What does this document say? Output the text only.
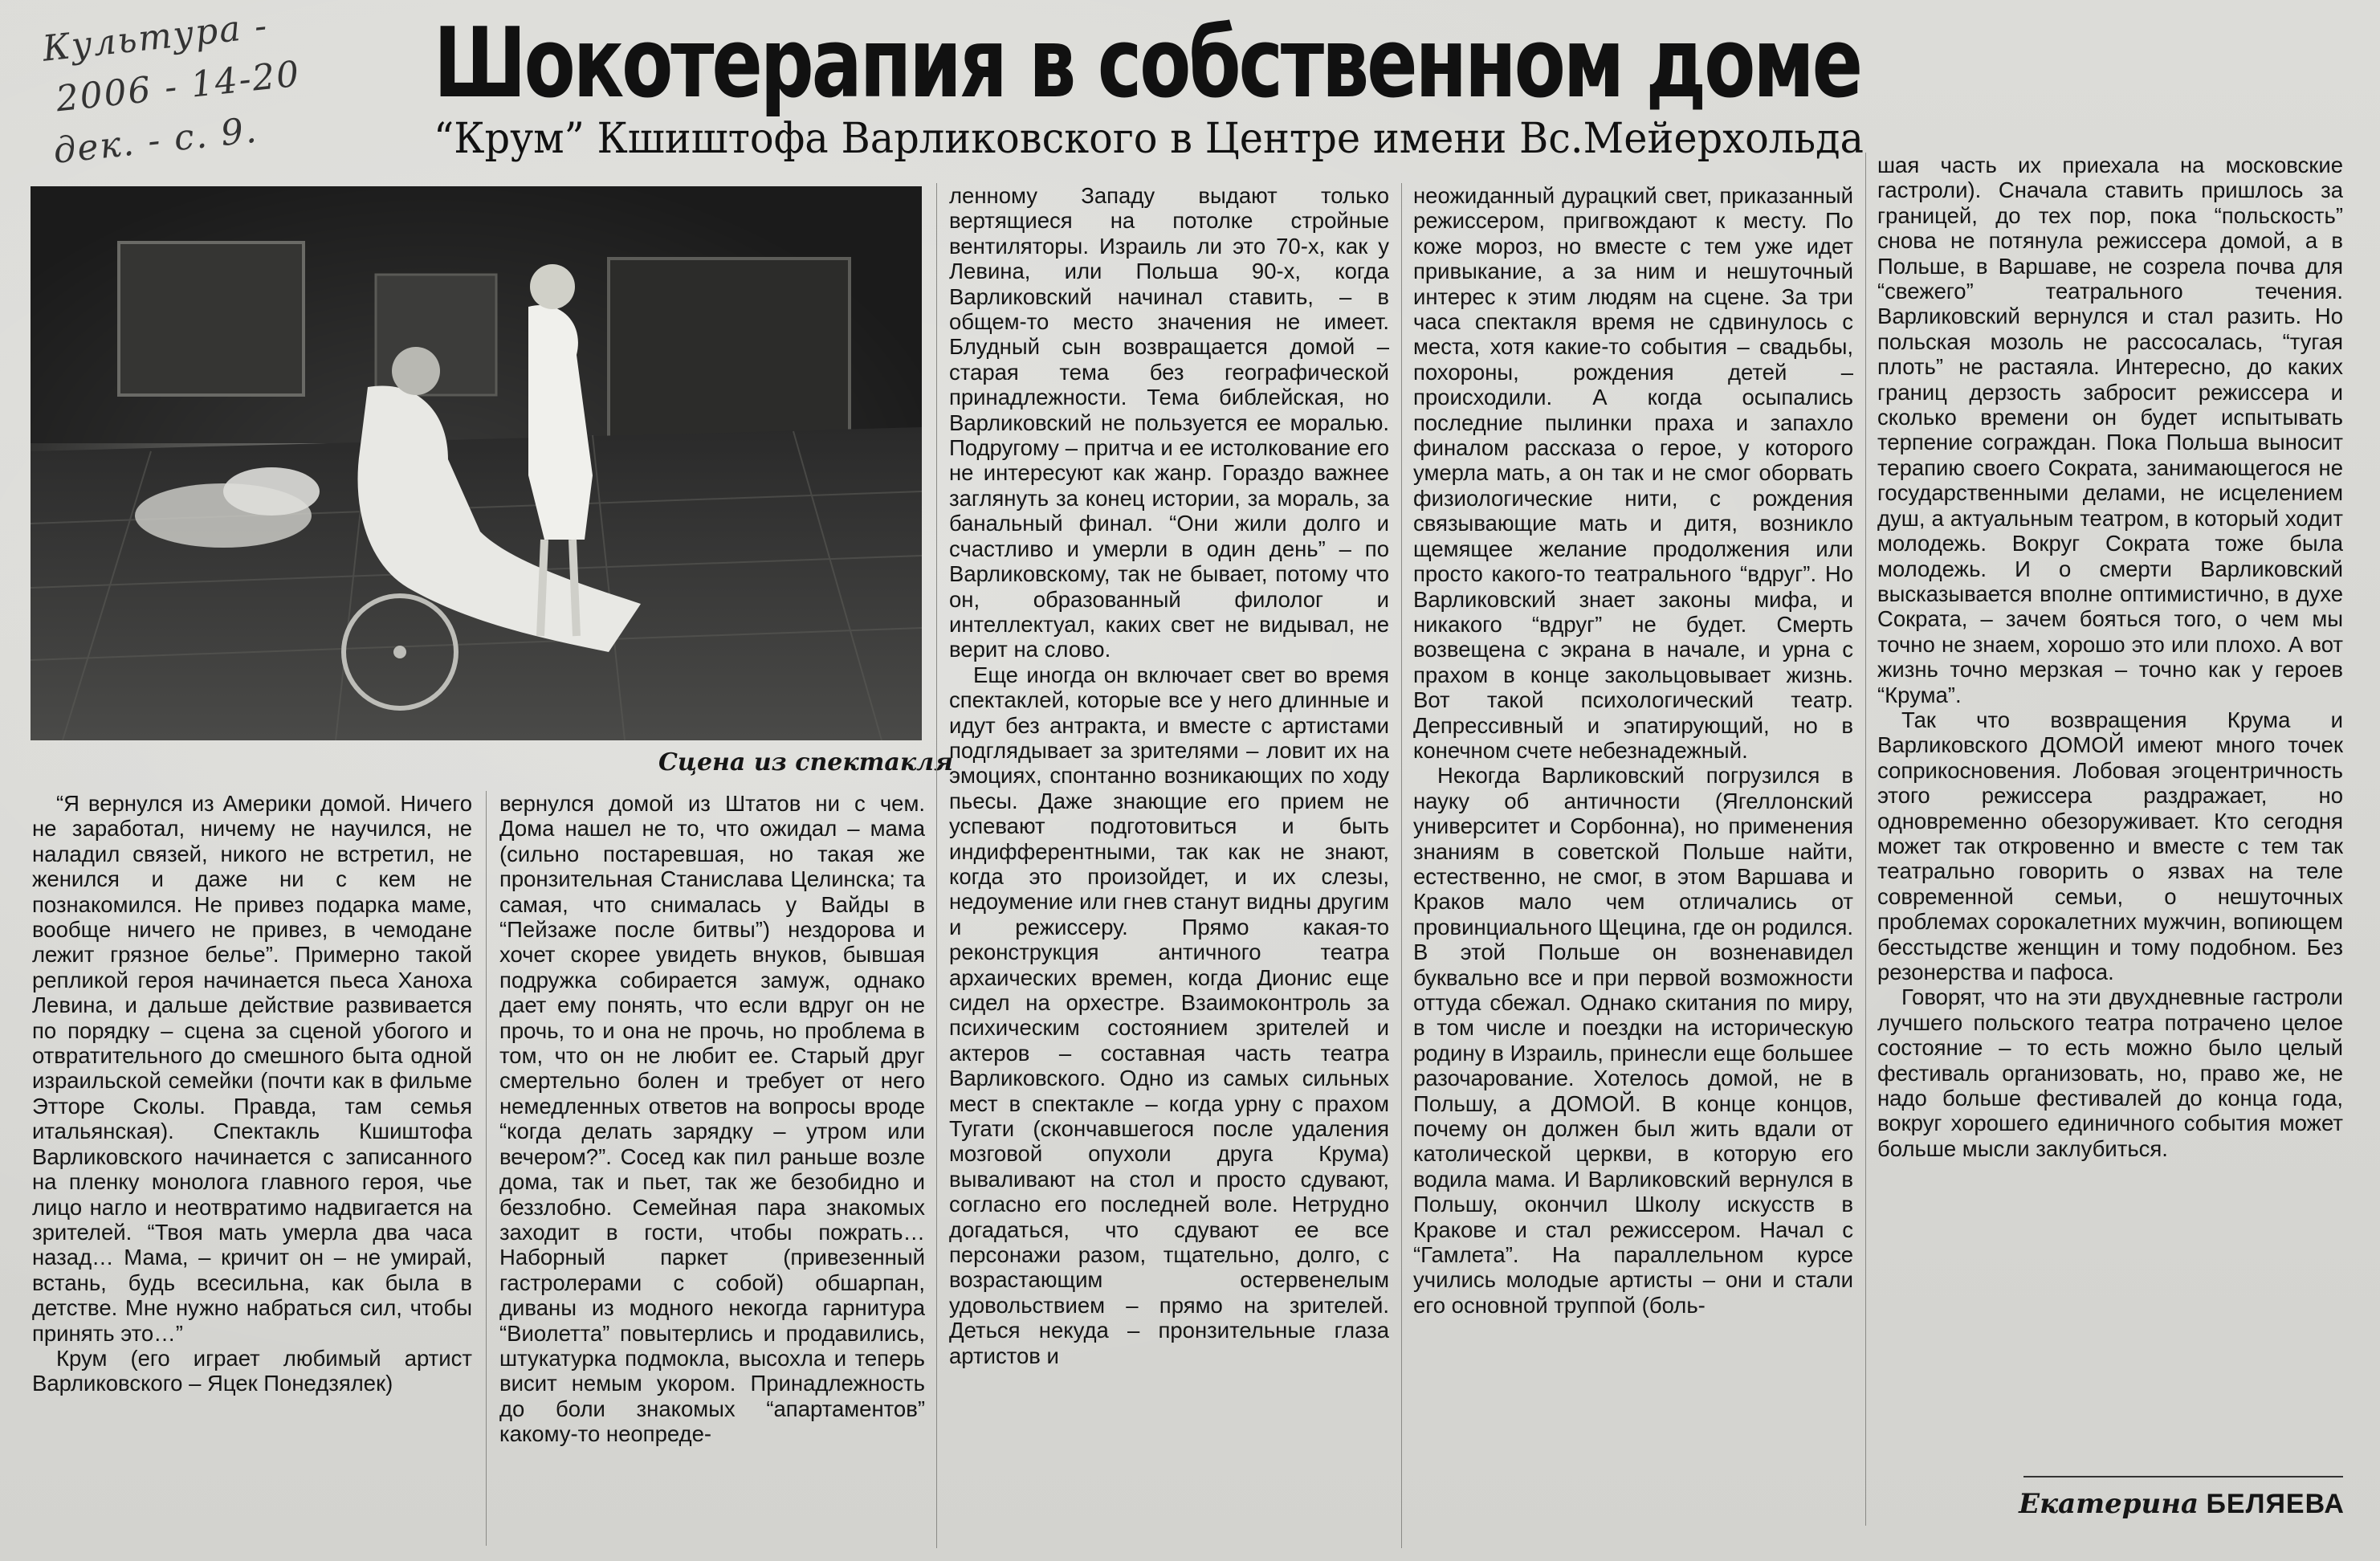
Культура -
2006 - 14-20
дек. - с. 9.
Шокотерапия в собственном доме
“Крум” Кшиштофа Варликовского в Центре имени Вс.Мейерхольда
Сцена из спектакля

“Я вернулся из Америки домой. Ничего не заработал, ничему не научился, не наладил связей, никого не встретил, не женился и даже ни с кем не познакомился. Не привез подарка маме, вообще ничего не привез, в чемодане лежит грязное белье”. Примерно такой репликой героя начинается пьеса Ханоха Левина, и дальше действие развивается по порядку – сцена за сценой убогого и отвратительного до смешного быта одной израильской семейки (почти как в фильме Этторе Сколы. Правда, там семья итальянская). Спектакль Кшиштофа Варликовского начинается с записанного на пленку монолога главного героя, чье лицо нагло и неотвратимо надвигается на зрителей. “Твоя мать умерла два часа назад… Мама, – кричит он – не умирай, встань, будь всесильна, как была в детстве. Мне нужно набраться сил, чтобы принять это…”

Крум (его играет любимый артист Варликовского – Яцек Понедзялек)

вернулся домой из Штатов ни с чем. Дома нашел не то, что ожидал – мама (сильно постаревшая, но такая же пронзительная Станислава Целинска; та самая, что снималась у Вайды в “Пейзаже после битвы”) нездорова и хочет скорее увидеть внуков, бывшая подружка собирается замуж, однако дает ему понять, что если вдруг он не прочь, то и она не прочь, но проблема в том, что он не любит ее. Старый друг смертельно болен и требует от него немедленных ответов на вопросы вроде “когда делать зарядку – утром или вечером?”. Сосед как пил раньше возле дома, так и пьет, так же безобидно и беззлобно. Семейная пара знакомых заходит в гости, чтобы пожрать… Наборный паркет (привезенный гастролерами с собой) обшарпан, диваны из модного некогда гарнитура “Виолетта” повытерлись и продавились, штукатурка подмокла, высохла и теперь висит немым укором. Принадлежность до боли знакомых “апартаментов” какому-то неопреде-

ленному Западу выдают только вертящиеся на потолке стройные вентиляторы. Израиль ли это 70-х, как у Левина, или Польша 90-х, когда Варликовский начинал ставить, – в общем-то место значения не имеет. Блудный сын возвращается домой – старая тема без географической принадлежности. Тема библейская, но Варликовский не пользуется ее моралью. Подругому – притча и ее истолкование его не интересуют как жанр. Гораздо важнее заглянуть за конец истории, за мораль, за банальный финал. “Они жили долго и счастливо и умерли в один день” – по Варликовскому, так не бывает, потому что он, образованный филолог и интеллектуал, каких свет не видывал, не верит на слово.

Еще иногда он включает свет во время спектаклей, которые все у него длинные и идут без антракта, и вместе с артистами подглядывает за зрителями – ловит их на эмоциях, спонтанно возникающих по ходу пьесы. Даже знающие его прием не успевают подготовиться и быть индифферентными, так как не знают, когда это произойдет, и их слезы, недоумение или гнев станут видны другим и режиссеру. Прямо какая-то реконструкция античного театра архаических времен, когда Дионис еще сидел на орхестре. Взаимоконтроль за психическим состоянием зрителей и актеров – составная часть театра Варликовского. Одно из самых сильных мест в спектакле – когда урну с прахом Тугати (скончавшегося после удаления мозговой опухоли друга Крума) вываливают на стол и просто сдувают, согласно его последней воле. Нетрудно догадаться, что сдувают ее все персонажи разом, тщательно, долго, с возрастающим остервенелым удовольствием – прямо на зрителей. Деться некуда – пронзительные глаза артистов и

неожиданный дурацкий свет, приказанный режиссером, пригвождают к месту. По коже мороз, но вместе с тем уже идет привыкание, а за ним и нешуточный интерес к этим людям на сцене. За три часа спектакля время не сдвинулось с места, хотя какие-то события – свадьбы, похороны, рождения детей – происходили. А когда осыпались последние пылинки праха и запахло финалом рассказа о герое, у которого умерла мать, а он так и не смог оборвать физиологические нити, с рождения связывающие мать и дитя, возникло щемящее желание продолжения или просто какого-то театрального “вдруг”. Но Варликовский знает законы мифа, и никакого “вдруг” не будет. Смерть возвещена с экрана в начале, и урна с прахом в конце закольцовывает жизнь. Вот такой психологический театр. Депрессивный и эпатирующий, но в конечном счете небезнадежный.

Некогда Варликовский погрузился в науку об античности (Ягеллонский университет и Сорбонна), но применения знаниям в советской Польше найти, естественно, не смог, в этом Варшава и Краков мало чем отличались от провинциального Щецина, где он родился. В этой Польше он возненавидел буквально все и при первой возможности оттуда сбежал. Однако скитания по миру, в том числе и поездки на историческую родину в Израиль, принесли еще большее разочарование. Хотелось домой, не в Польшу, а ДОМОЙ. В конце концов, почему он должен был жить вдали от католической церкви, в которую его водила мама. И Варликовский вернулся в Польшу, окончил Школу искусств в Кракове и стал режиссером. Начал с “Гамлета”. На параллельном курсе учились молодые артисты – они и стали его основной труппой (боль-

шая часть их приехала на московские гастроли). Сначала ставить пришлось за границей, до тех пор, пока “польскость” снова не потянула режиссера домой, а в Польше, в Варшаве, не созрела почва для “свежего” театрального течения. Варликовский вернулся и стал разить. Но польская мозоль не рассосалась, “тугая плоть” не растаяла. Интересно, до каких границ дерзость забросит режиссера и сколько времени он будет испытывать терпение сограждан. Пока Польша выносит терапию своего Сократа, занимающегося не государственными делами, не исцелением душ, а актуальным театром, в который ходит молодежь. Вокруг Сократа тоже была молодежь. И о смерти Варликовский высказывается вполне оптимистично, в духе Сократа, – зачем бояться того, о чем мы точно не знаем, хорошо это или плохо. А вот жизнь точно мерзкая – точно как у героев “Крума”.

Так что возвращения Крума и Варликовского ДОМОЙ имеют много точек соприкосновения. Лобовая эгоцентричность этого режиссера раздражает, но одновременно обезоруживает. Кто сегодня может так откровенно и вместе с тем так театрально говорить о язвах на теле современной семьи, о нешуточных проблемах сорокалетних мужчин, вопиющем бесстыдстве женщин и тому подобном. Без резонерства и пафоса.

Говорят, что на эти двухдневные гастроли лучшего польского театра потрачено целое состояние – то есть можно было целый фестиваль организовать, но, право же, не надо больше фестивалей до конца года, вокруг хорошего единичного события может больше мысли заклубиться.

Екатерина БЕЛЯЕВА
